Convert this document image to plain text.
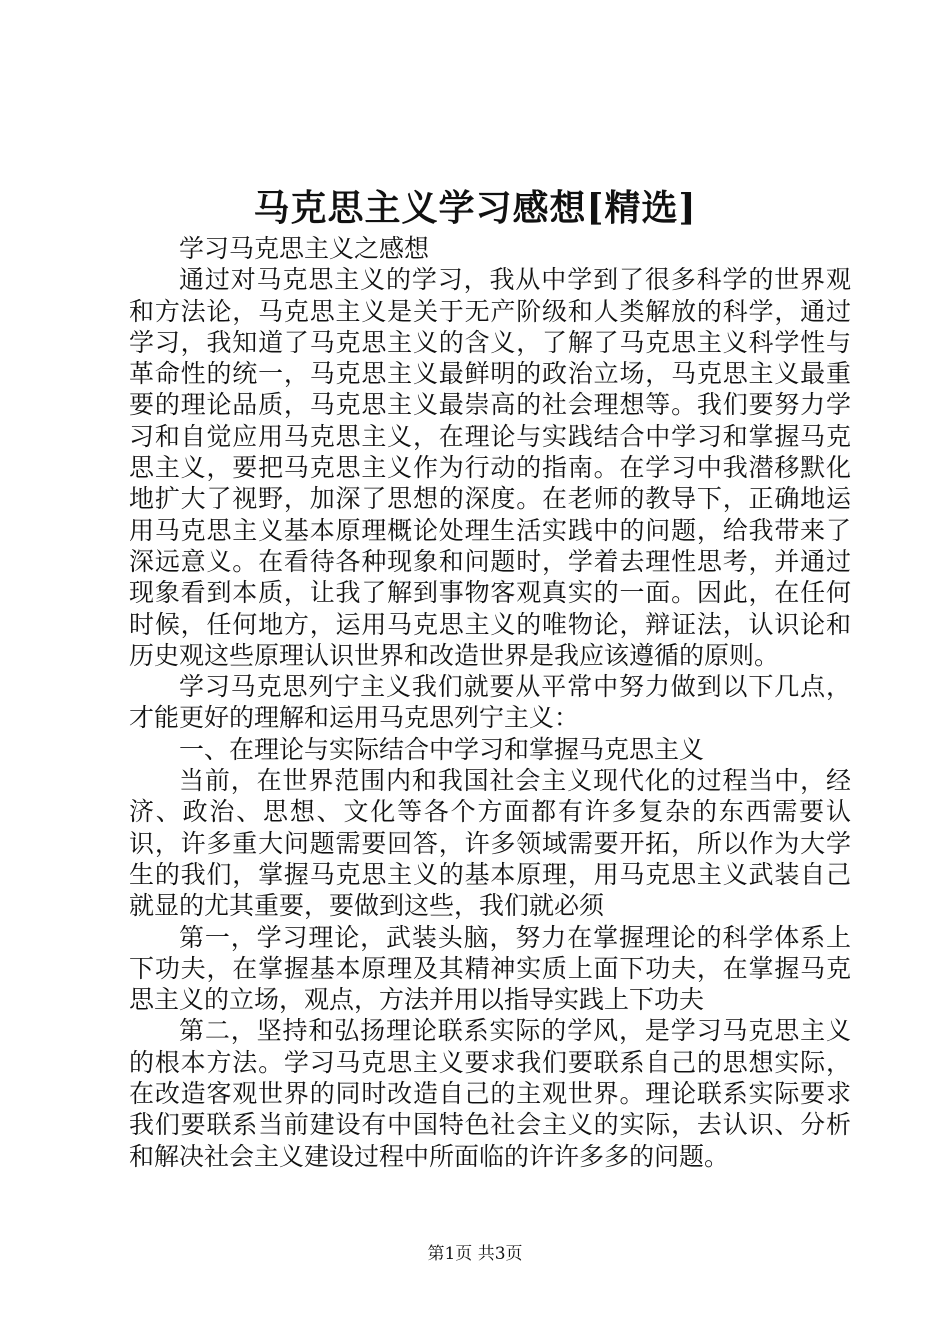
马克思主义学习感想[精选]

学习马克思主义之感想

通过对马克思主义的学习，我从中学到了很多科学的世界观和方法论，马克思主义是关于无产阶级和人类解放的科学，通过学习，我知道了马克思主义的含义，了解了马克思主义科学性与革命性的统一，马克思主义最鲜明的政治立场，马克思主义最重要的理论品质，马克思主义最崇高的社会理想等。我们要努力学习和自觉应用马克思主义，在理论与实践结合中学习和掌握马克思主义，要把马克思主义作为行动的指南。在学习中我潜移默化地扩大了视野，加深了思想的深度。在老师的教导下，正确地运用马克思主义基本原理概论处理生活实践中的问题，给我带来了深远意义。在看待各种现象和问题时，学着去理性思考，并通过现象看到本质，让我了解到事物客观真实的一面。因此，在任何时候，任何地方，运用马克思主义的唯物论，辩证法，认识论和历史观这些原理认识世界和改造世界是我应该遵循的原则。

学习马克思列宁主义我们就要从平常中努力做到以下几点，才能更好的理解和运用马克思列宁主义：

一、在理论与实际结合中学习和掌握马克思主义

当前，在世界范围内和我国社会主义现代化的过程当中，经济、政治、思想、文化等各个方面都有许多复杂的东西需要认识，许多重大问题需要回答，许多领域需要开拓，所以作为大学生的我们，掌握马克思主义的基本原理，用马克思主义武装自己就显的尤其重要，要做到这些，我们就必须

第一，学习理论，武装头脑，努力在掌握理论的科学体系上下功夫，在掌握基本原理及其精神实质上面下功夫，在掌握马克思主义的立场，观点，方法并用以指导实践上下功夫

第二，坚持和弘扬理论联系实际的学风，是学习马克思主义的根本方法。学习马克思主义要求我们要联系自己的思想实际，在改造客观世界的同时改造自己的主观世界。理论联系实际要求我们要联系当前建设有中国特色社会主义的实际，去认识、分析和解决社会主义建设过程中所面临的许许多多的问题。

第1页 共3页
